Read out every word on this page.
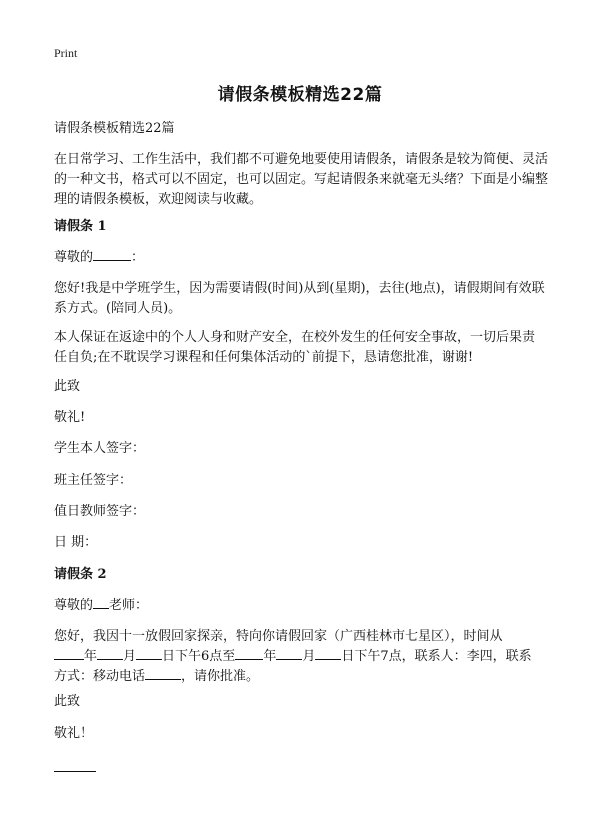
Print
请假条模板精选22篇
请假条模板精选22篇
在日常学习、工作生活中，我们都不可避免地要使用请假条，请假条是较为简便、灵活的一种文书，格式可以不固定，也可以固定。写起请假条来就毫无头绪？下面是小编整理的请假条模板，欢迎阅读与收藏。
请假条 1
尊敬的	：
您好!我是中学班学生，因为需要请假(时间)从到(星期)，去往(地点)，请假期间有效联系方式。(陪同人员)。
本人保证在返途中的个人人身和财产安全，在校外发生的任何安全事故，一切后果责任自负;在不耽误学习课程和任何集体活动的`前提下，恳请您批准，谢谢!
此致
敬礼!
学生本人签字：
班主任签字：
值日教师签字：
日 期：
请假条 2
尊敬的 老师：
您好，我因十一放假回家探亲，特向你请假回家（广西桂林市七星区），时间从
年 月 日下午6点至 年 月 日下午7点，联系人：李四，联系
方式：移动电话	，请你批准。
此致
敬礼！
